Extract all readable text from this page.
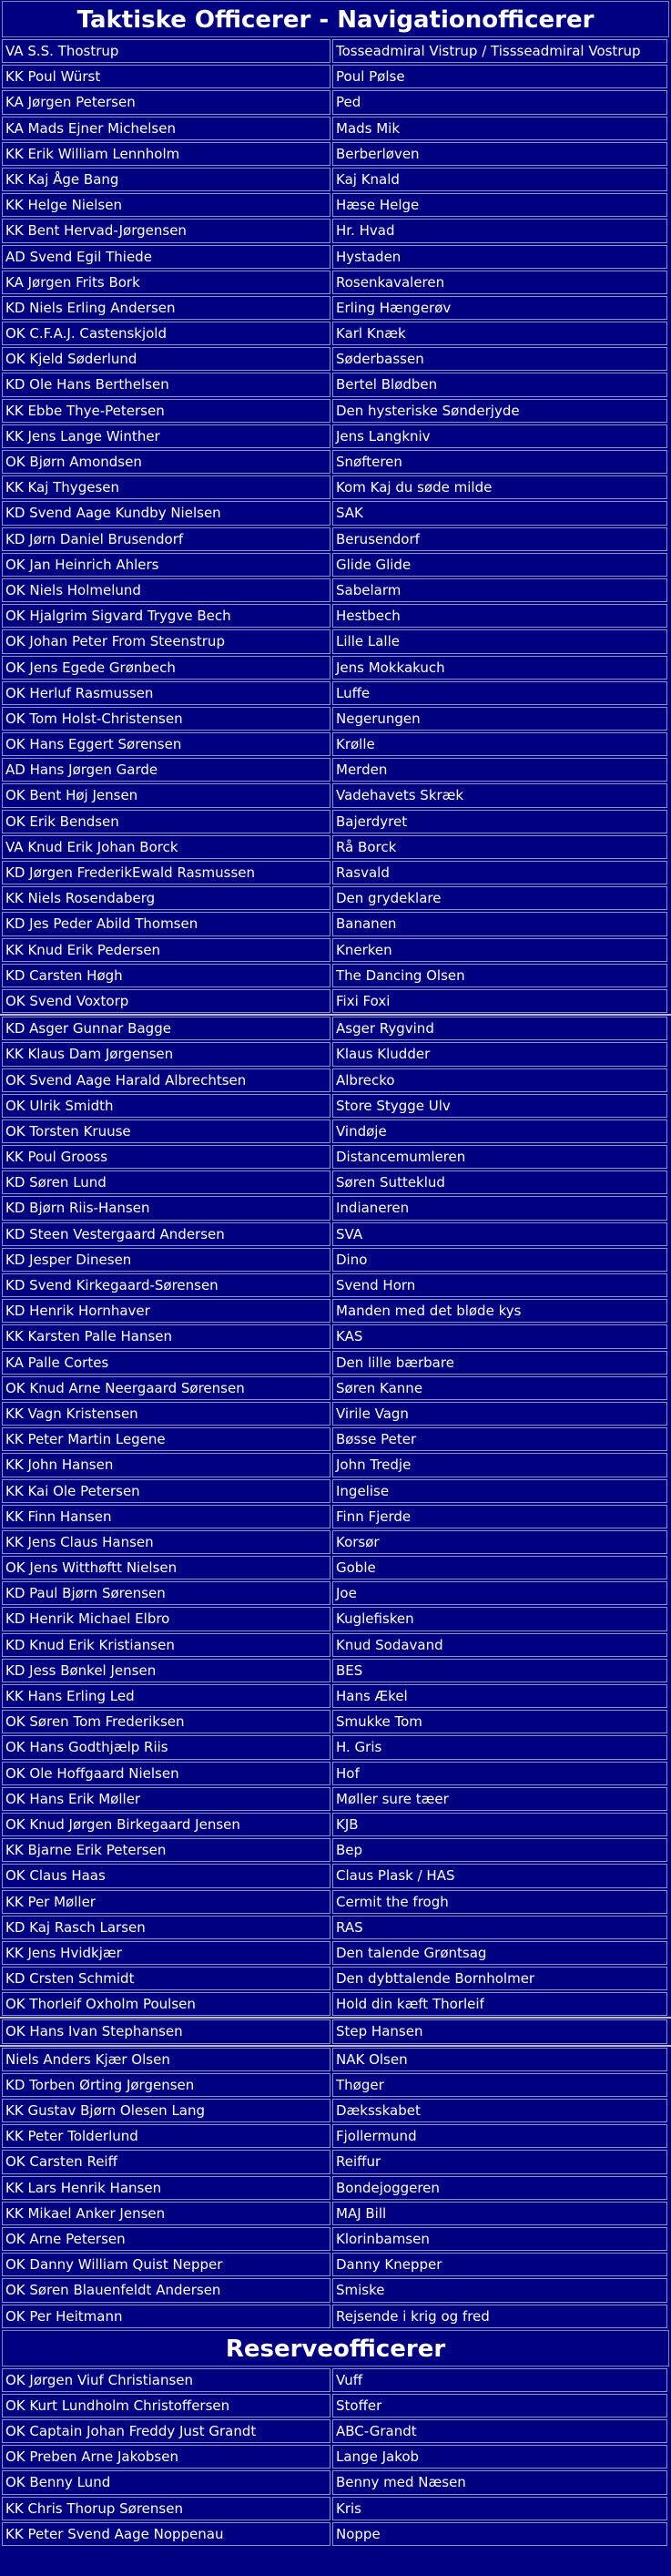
Taktiske Officerer - Navigationofficerer
VA S.S. Thostrup	Tosseadmiral Vistrup / Tissseadmiral Vostrup
KK Poul Würst	Poul Pølse
KA Jørgen Petersen	Ped
KA Mads Ejner Michelsen	Mads Mik
KK Erik William Lennholm	Berberløven
KK Kaj Åge Bang	Kaj Knald
KK Helge Nielsen	Hæse Helge
KK Bent Hervad-Jørgensen	Hr. Hvad
AD Svend Egil Thiede	Hystaden
KA Jørgen Frits Bork	Rosenkavaleren
KD Niels Erling Andersen	Erling Hængerøv
OK C.F.A.J. Castenskjold	Karl Knæk
OK Kjeld Søderlund	Søderbassen
KD Ole Hans Berthelsen	Bertel Blødben
KK Ebbe Thye-Petersen	Den hysteriske Sønderjyde
KK Jens Lange Winther	Jens Langkniv
OK Bjørn Amondsen	Snøfteren
KK Kaj Thygesen	Kom Kaj du søde milde
KD Svend Aage Kundby Nielsen	SAK
KD Jørn Daniel Brusendorf	Berusendorf
OK Jan Heinrich Ahlers	Glide Glide
OK Niels Holmelund	Sabelarm
OK Hjalgrim Sigvard Trygve Bech	Hestbech
OK Johan Peter From Steenstrup	Lille Lalle
OK Jens Egede Grønbech	Jens Mokkakuch
OK Herluf Rasmussen	Luffe
OK Tom Holst-Christensen	Negerungen
OK Hans Eggert Sørensen	Krølle
AD Hans Jørgen Garde	Merden
OK Bent Høj Jensen	Vadehavets Skræk
OK Erik Bendsen	Bajerdyret
VA Knud Erik Johan Borck	Rå Borck
KD Jørgen FrederikEwald Rasmussen	Rasvald
KK Niels Rosendaberg	Den grydeklare
KD Jes Peder Abild Thomsen	Bananen
KK Knud Erik Pedersen	Knerken
KD Carsten Høgh	The Dancing Olsen
OK Svend Voxtorp	Fixi Foxi
KD Asger Gunnar Bagge	Asger Rygvind
KK Klaus Dam Jørgensen	Klaus Kludder
OK Svend Aage Harald Albrechtsen	Albrecko
OK Ulrik Smidth	Store Stygge Ulv
OK Torsten Kruuse	Vindøje
KK Poul Grooss	Distancemumleren
KD Søren Lund	Søren Sutteklud
KD Bjørn Riis-Hansen	Indianeren
KD Steen Vestergaard Andersen	SVA
KD Jesper Dinesen	Dino
KD Svend Kirkegaard-Sørensen	Svend Horn
KD Henrik Hornhaver	Manden med det bløde kys
KK Karsten Palle Hansen	KAS
KA Palle Cortes	Den lille bærbare
OK Knud Arne Neergaard Sørensen	Søren Kanne
KK Vagn Kristensen	Virile Vagn
KK Peter Martin Legene	Bøsse Peter
KK John Hansen	John Tredje
KK Kai Ole Petersen	Ingelise
KK Finn Hansen	Finn Fjerde
KK Jens Claus Hansen	Korsør
OK Jens Witthøftt Nielsen	Goble
KD Paul Bjørn Sørensen	Joe
KD Henrik Michael Elbro	Kuglefisken
KD Knud Erik Kristiansen	Knud Sodavand
KD Jess Bønkel Jensen	BES
KK Hans Erling Led	Hans Ækel
OK Søren Tom Frederiksen	Smukke Tom
OK Hans Godthjælp Riis	H. Gris
OK Ole Hoffgaard Nielsen	Hof
OK Hans Erik Møller	Møller sure tæer
OK Knud Jørgen Birkegaard Jensen	KJB
KK Bjarne Erik Petersen	Bep
OK Claus Haas	Claus Plask / HAS
KK Per Møller	Cermit the frogh
KD Kaj Rasch Larsen	RAS
KK Jens Hvidkjær	Den talende Grøntsag
KD Crsten Schmidt	Den dybttalende Bornholmer
OK Thorleif Oxholm Poulsen	Hold din kæft Thorleif
OK Hans Ivan Stephansen	Step Hansen
Niels Anders Kjær Olsen	NAK Olsen
KD Torben Ørting Jørgensen	Thøger
KK Gustav Bjørn Olesen Lang	Dæksskabet
KK Peter Tolderlund	Fjollermund
OK Carsten Reiff	Reiffur
KK Lars Henrik Hansen	Bondejoggeren
KK Mikael Anker Jensen	MAJ Bill
OK Arne Petersen	Klorinbamsen
OK Danny William Quist Nepper	Danny Knepper
OK Søren Blauenfeldt Andersen	Smiske
OK Per Heitmann	Rejsende i krig og fred
Reserveofficerer
OK Jørgen Viuf Christiansen	Vuff
OK Kurt Lundholm Christoffersen	Stoffer
OK Captain Johan Freddy Just Grandt	ABC-Grandt
OK Preben Arne Jakobsen	Lange Jakob
OK Benny Lund	Benny med Næsen
KK Chris Thorup Sørensen	Kris
KK Peter Svend Aage Noppenau	Noppe
